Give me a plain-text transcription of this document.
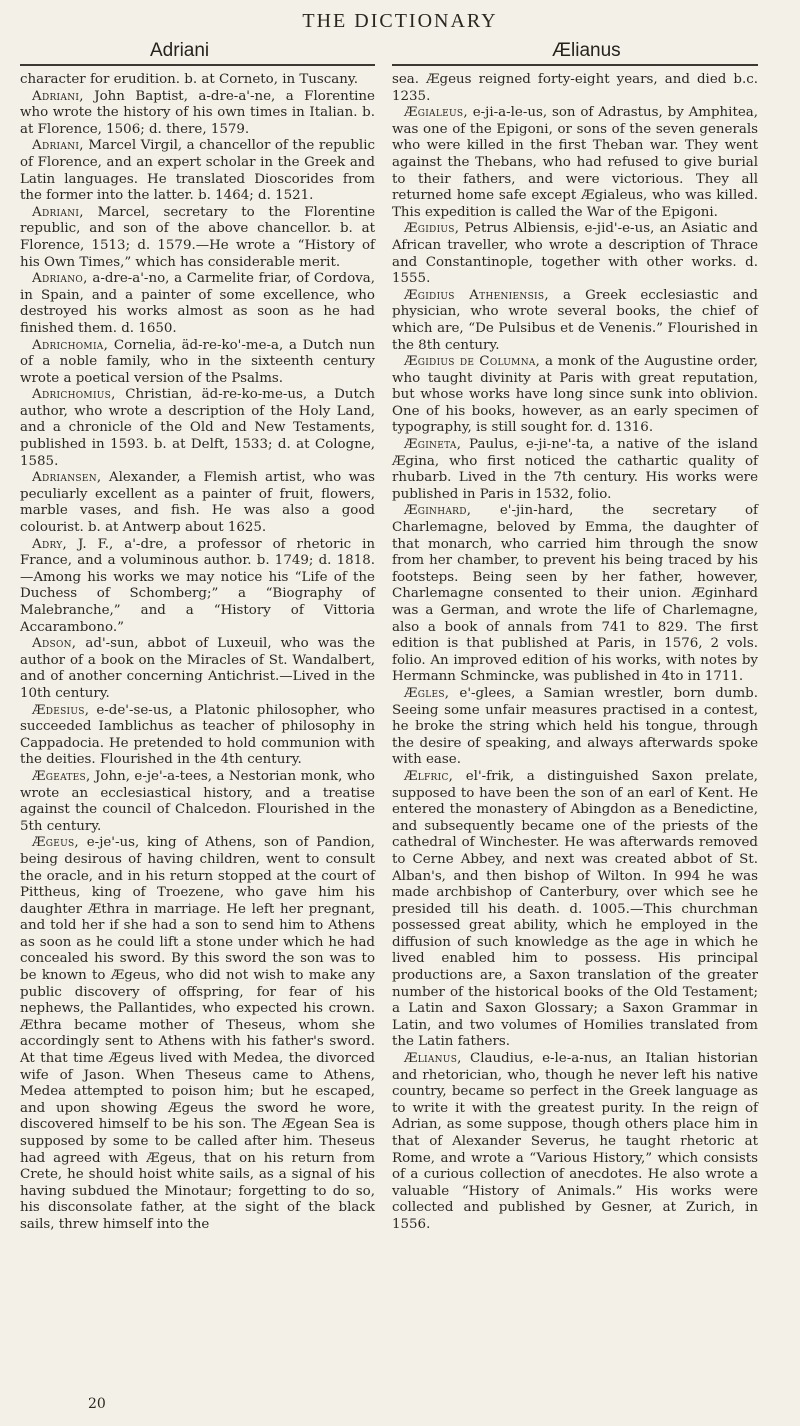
THE DICTIONARY
Adriani	Ælianus

character for erudition. b. at Corneto, in Tuscany.

Adriani, John Baptist, a-dre-a'-ne, a Florentine who wrote the history of his own times in Italian. b. at Florence, 1506; d. there, 1579.

Adriani, Marcel Virgil, a chancellor of the republic of Florence, and an expert scholar in the Greek and Latin languages. He translated Dioscorides from the former into the latter. b. 1464; d. 1521.

Adriani, Marcel, secretary to the Florentine republic, and son of the above chancellor. b. at Florence, 1513; d. 1579.—He wrote a “History of his Own Times,” which has considerable merit.

Adriano, a-dre-a'-no, a Carmelite friar, of Cordova, in Spain, and a painter of some excellence, who destroyed his works almost as soon as he had finished them. d. 1650.

Adrichomia, Cornelia, äd-re-ko'-me-a, a Dutch nun of a noble family, who in the sixteenth century wrote a poetical version of the Psalms.

Adrichomius, Christian, äd-re-ko-me-us, a Dutch author, who wrote a description of the Holy Land, and a chronicle of the Old and New Testaments, published in 1593. b. at Delft, 1533; d. at Cologne, 1585.

Adriansen, Alexander, a Flemish artist, who was peculiarly excellent as a painter of fruit, flowers, marble vases, and fish. He was also a good colourist. b. at Antwerp about 1625.

Adry, J. F., a'-dre, a professor of rhetoric in France, and a voluminous author. b. 1749; d. 1818.—Among his works we may notice his “Life of the Duchess of Schomberg;” a “Biography of Malebranche,” and a “History of Vittoria Accarambono.”

Adson, ad'-sun, abbot of Luxeuil, who was the author of a book on the Miracles of St. Wandalbert, and of another concerning Antichrist.—Lived in the 10th century.

Ædesius, e-de'-se-us, a Platonic philosopher, who succeeded Iamblichus as teacher of philosophy in Cappadocia. He pretended to hold communion with the deities. Flourished in the 4th century.

Ægeates, John, e-je'-a-tees, a Nestorian monk, who wrote an ecclesiastical history, and a treatise against the council of Chalcedon. Flourished in the 5th century.

Ægeus, e-je'-us, king of Athens, son of Pandion, being desirous of having children, went to consult the oracle, and in his return stopped at the court of Pittheus, king of Troezene, who gave him his daughter Æthra in marriage. He left her pregnant, and told her if she had a son to send him to Athens as soon as he could lift a stone under which he had concealed his sword. By this sword the son was to be known to Ægeus, who did not wish to make any public discovery of offspring, for fear of his nephews, the Pallantides, who expected his crown. Æthra became mother of Theseus, whom she accordingly sent to Athens with his father's sword. At that time Ægeus lived with Medea, the divorced wife of Jason. When Theseus came to Athens, Medea attempted to poison him; but he escaped, and upon showing Ægeus the sword he wore, discovered himself to be his son. The Ægean Sea is supposed by some to be called after him. Theseus had agreed with Ægeus, that on his return from Crete, he should hoist white sails, as a signal of his having subdued the Minotaur; forgetting to do so, his disconsolate father, at the sight of the black sails, threw himself into the

sea. Ægeus reigned forty-eight years, and died b.c. 1235.

Ægialeus, e-ji-a-le-us, son of Adrastus, by Amphitea, was one of the Epigoni, or sons of the seven generals who were killed in the first Theban war. They went against the Thebans, who had refused to give burial to their fathers, and were victorious. They all returned home safe except Ægialeus, who was killed. This expedition is called the War of the Epigoni.

Ægidius, Petrus Albiensis, e-jid'-e-us, an Asiatic and African traveller, who wrote a description of Thrace and Constantinople, together with other works. d. 1555.

Ægidius Atheniensis, a Greek ecclesiastic and physician, who wrote several books, the chief of which are, “De Pulsibus et de Venenis.” Flourished in the 8th century.

Ægidius de Columna, a monk of the Augustine order, who taught divinity at Paris with great reputation, but whose works have long since sunk into oblivion. One of his books, however, as an early specimen of typography, is still sought for. d. 1316.

Ægineta, Paulus, e-ji-ne'-ta, a native of the island Ægina, who first noticed the cathartic quality of rhubarb. Lived in the 7th century. His works were published in Paris in 1532, folio.

Æginhard, e'-jin-hard, the secretary of Charlemagne, beloved by Emma, the daughter of that monarch, who carried him through the snow from her chamber, to prevent his being traced by his footsteps. Being seen by her father, however, Charlemagne consented to their union. Æginhard was a German, and wrote the life of Charlemagne, also a book of annals from 741 to 829. The first edition is that published at Paris, in 1576, 2 vols. folio. An improved edition of his works, with notes by Hermann Schmincke, was published in 4to in 1711.

Ægles, e'-glees, a Samian wrestler, born dumb. Seeing some unfair measures practised in a contest, he broke the string which held his tongue, through the desire of speaking, and always afterwards spoke with ease.

Ælfric, el'-frik, a distinguished Saxon prelate, supposed to have been the son of an earl of Kent. He entered the monastery of Abingdon as a Benedictine, and subsequently became one of the priests of the cathedral of Winchester. He was afterwards removed to Cerne Abbey, and next was created abbot of St. Alban's, and then bishop of Wilton. In 994 he was made archbishop of Canterbury, over which see he presided till his death. d. 1005.—This churchman possessed great ability, which he employed in the diffusion of such knowledge as the age in which he lived enabled him to possess. His principal productions are, a Saxon translation of the greater number of the historical books of the Old Testament; a Latin and Saxon Glossary; a Saxon Grammar in Latin, and two volumes of Homilies translated from the Latin fathers.

Ælianus, Claudius, e-le-a-nus, an Italian historian and rhetorician, who, though he never left his native country, became so perfect in the Greek language as to write it with the greatest purity. In the reign of Adrian, as some suppose, though others place him in that of Alexander Severus, he taught rhetoric at Rome, and wrote a “Various History,” which consists of a curious collection of anecdotes. He also wrote a valuable “History of Animals.” His works were collected and published by Gesner, at Zurich, in 1556.

20
